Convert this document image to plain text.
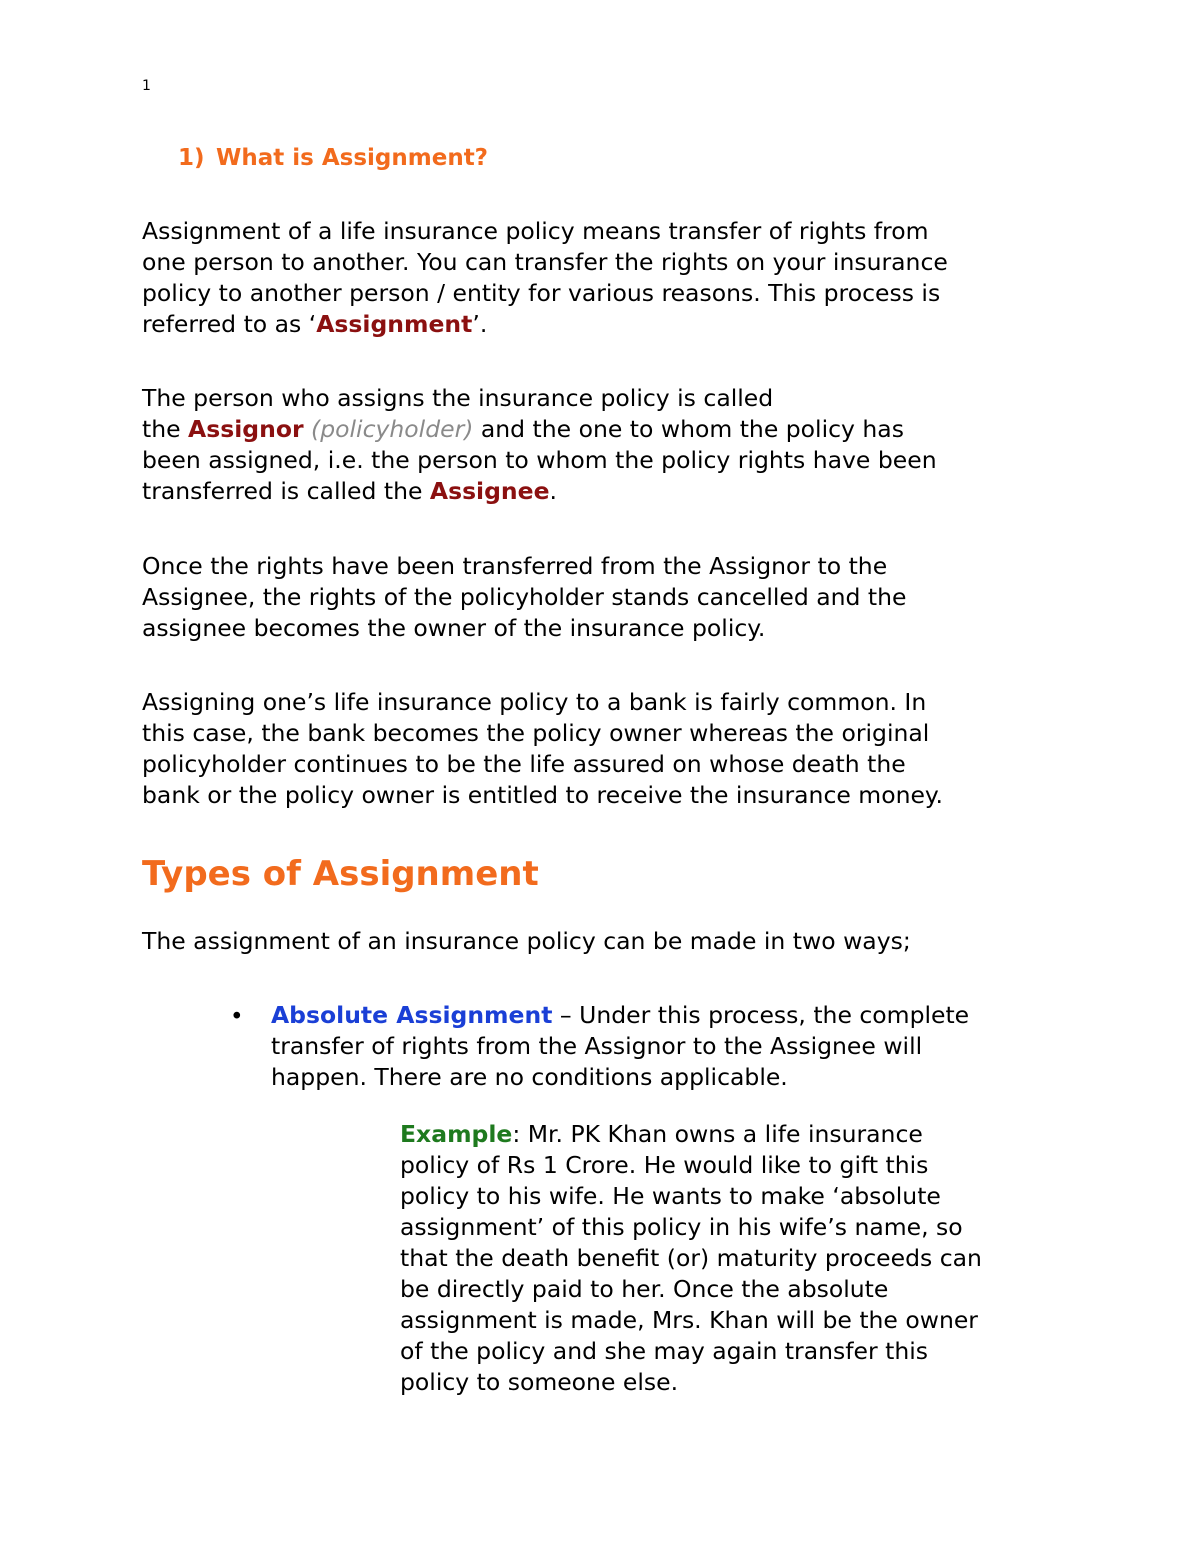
1
1) What is Assignment?

Assignment of a life insurance policy means transfer of rights from
one person to another. You can transfer the rights on your insurance
policy to another person / entity for various reasons. This process is
referred to as ‘Assignment’.

The person who assigns the insurance policy is called
the Assignor (policyholder) and the one to whom the policy has
been assigned, i.e. the person to whom the policy rights have been
transferred is called the Assignee.

Once the rights have been transferred from the Assignor to the
Assignee, the rights of the policyholder stands cancelled and the
assignee becomes the owner of the insurance policy.

Assigning one’s life insurance policy to a bank is fairly common. In
this case, the bank becomes the policy owner whereas the original
policyholder continues to be the life assured on whose death the
bank or the policy owner is entitled to receive the insurance money.

Types of Assignment

The assignment of an insurance policy can be made in two ways;

• Absolute Assignment – Under this process, the complete
transfer of rights from the Assignor to the Assignee will
happen. There are no conditions applicable.
Example: Mr. PK Khan owns a life insurance
policy of Rs 1 Crore. He would like to gift this
policy to his wife. He wants to make ‘absolute
assignment’ of this policy in his wife’s name, so
that the death benefit (or) maturity proceeds can
be directly paid to her. Once the absolute
assignment is made, Mrs. Khan will be the owner
of the policy and she may again transfer this
policy to someone else.
